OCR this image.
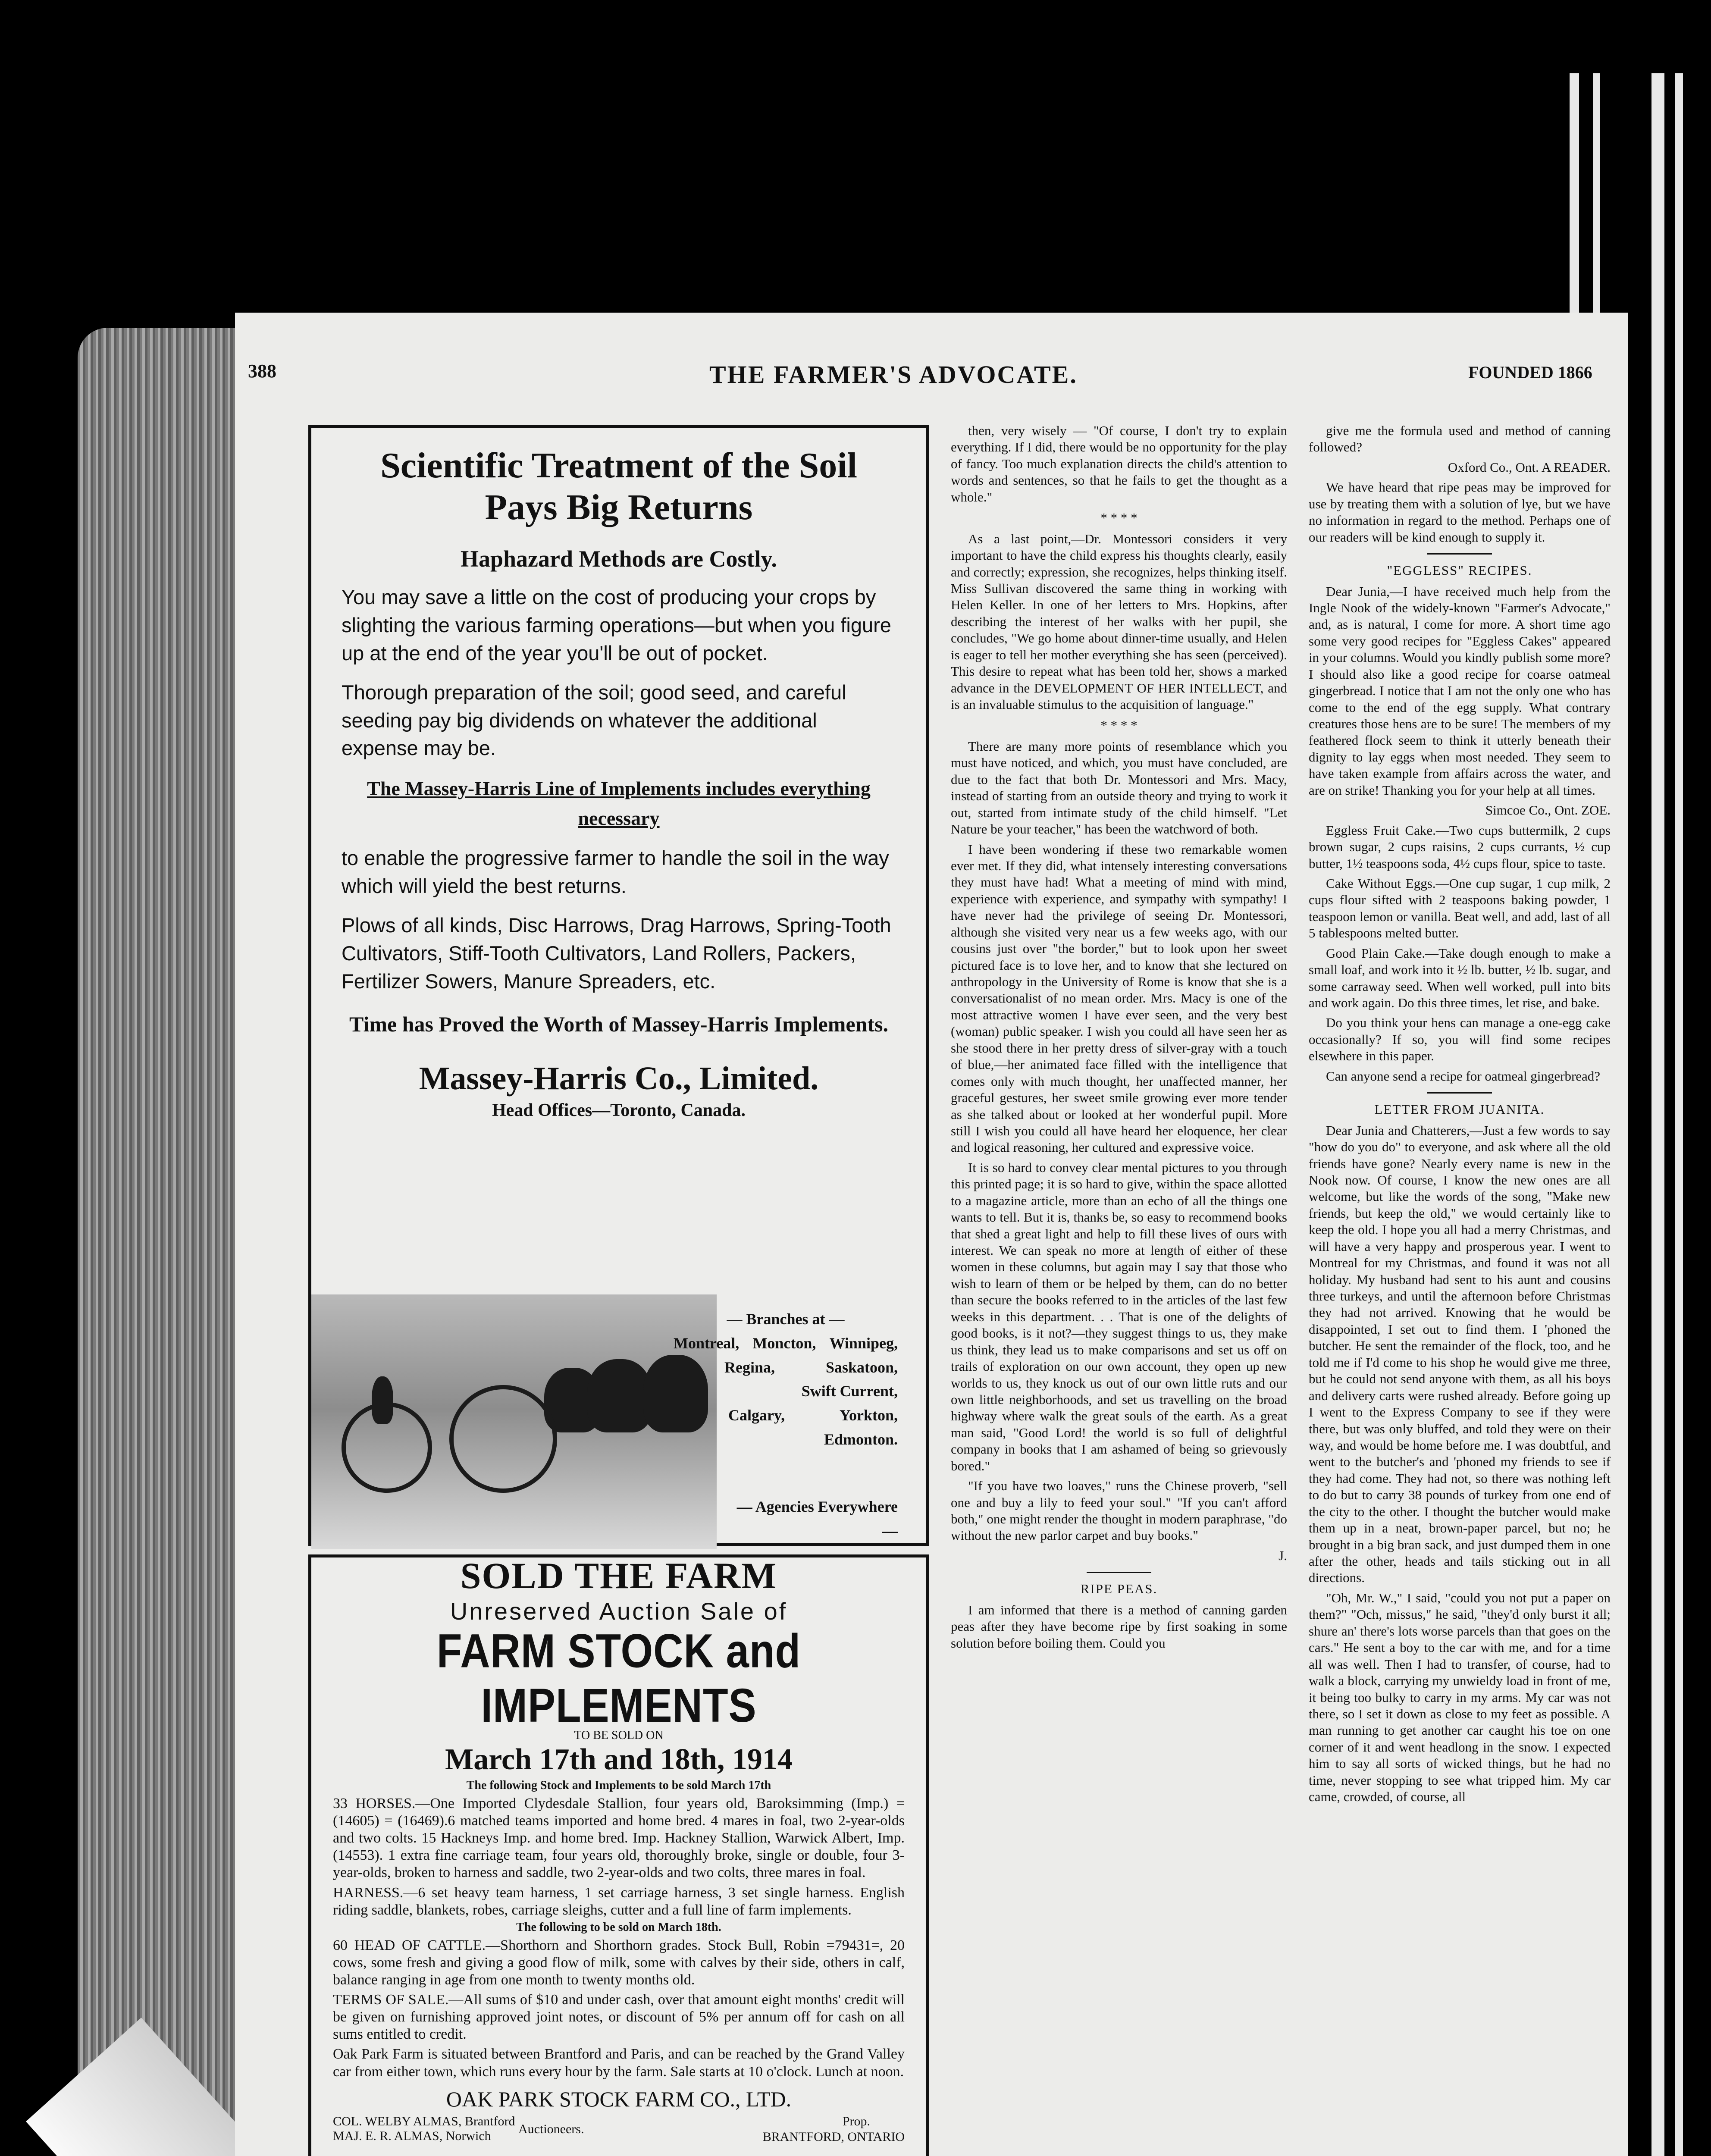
388	THE FARMER'S ADVOCATE.	FOUNDED 1866
Scientific Treatment of the Soil Pays Big Returns
Haphazard Methods are Costly.

You may save a little on the cost of producing your crops by slighting the various farming operations—but when you figure up at the end of the year you'll be out of pocket.

Thorough preparation of the soil; good seed, and careful seeding pay big dividends on whatever the additional expense may be.

The Massey-Harris Line of Implements includes everything necessary

to enable the progressive farmer to handle the soil in the way which will yield the best returns.

Plows of all kinds, Disc Harrows, Drag Harrows, Spring-Tooth Cultivators, Stiff-Tooth Cultivators, Land Rollers, Packers, Fertilizer Sowers, Manure Spreaders, etc.

Time has Proved the Worth of Massey-Harris Implements.
Massey-Harris Co., Limited.
Head Offices—Toronto, Canada.
— Branches at —
Montreal, Moncton, Winnipeg,
Regina,	Saskatoon,
Swift Current,
Calgary,	Yorkton,
Edmonton.
— Agencies Everywhere —
SOLD THE FARM
Unreserved Auction Sale of
FARM STOCK and IMPLEMENTS
TO BE SOLD ON
March 17th and 18th, 1914
The following Stock and Implements to be sold March 17th

33 HORSES.—One Imported Clydesdale Stallion, four years old, Baroksimming (Imp.) = (14605) = (16469).6 matched teams imported and home bred. 4 mares in foal, two 2-year-olds and two colts. 15 Hackneys Imp. and home bred. Imp. Hackney Stallion, Warwick Albert, Imp. (14553). 1 extra fine carriage team, four years old, thoroughly broke, single or double, four 3-year-olds, broken to harness and saddle, two 2-year-olds and two colts, three mares in foal.

HARNESS.—6 set heavy team harness, 1 set carriage harness, 3 set single harness. English riding saddle, blankets, robes, carriage sleighs, cutter and a full line of farm implements.

The following to be sold on March 18th.

60 HEAD OF CATTLE.—Shorthorn and Shorthorn grades. Stock Bull, Robin =79431=, 20 cows, some fresh and giving a good flow of milk, some with calves by their side, others in calf, balance ranging in age from one month to twenty months old.

TERMS OF SALE.—All sums of $10 and under cash, over that amount eight months' credit will be given on furnishing approved joint notes, or discount of 5% per annum off for cash on all sums entitled to credit.

Oak Park Farm is situated between Brantford and Paris, and can be reached by the Grand Valley car from either town, which runs every hour by the farm. Sale starts at 10 o'clock. Lunch at noon.

OAK PARK STOCK FARM CO., LTD.
COL. WELBY ALMAS, Brantford
MAJ. E. R. ALMAS, Norwich	Auctioneers.
Prop.
BRANTFORD, ONTARIO

then, very wisely — "Of course, I don't try to explain everything. If I did, there would be no opportunity for the play of fancy. Too much explanation directs the child's attention to words and sentences, so that he fails to get the thought as a whole."

* * * *

As a last point,—Dr. Montessori considers it very important to have the child express his thoughts clearly, easily and correctly; expression, she recognizes, helps thinking itself. Miss Sullivan discovered the same thing in working with Helen Keller. In one of her letters to Mrs. Hopkins, after describing the interest of her walks with her pupil, she concludes, "We go home about dinner-time usually, and Helen is eager to tell her mother everything she has seen (perceived). This desire to repeat what has been told her, shows a marked advance in the DEVELOPMENT OF HER INTELLECT, and is an invaluable stimulus to the acquisition of language."

* * * *

There are many more points of resemblance which you must have noticed, and which, you must have concluded, are due to the fact that both Dr. Montessori and Mrs. Macy, instead of starting from an outside theory and trying to work it out, started from intimate study of the child himself. "Let Nature be your teacher," has been the watchword of both.

I have been wondering if these two remarkable women ever met. If they did, what intensely interesting conversations they must have had! What a meeting of mind with mind, experience with experience, and sympathy with sympathy! I have never had the privilege of seeing Dr. Montessori, although she visited very near us a few weeks ago, with our cousins just over "the border," but to look upon her sweet pictured face is to love her, and to know that she lectured on anthropology in the University of Rome is know that she is a conversationalist of no mean order. Mrs. Macy is one of the most attractive women I have ever seen, and the very best (woman) public speaker. I wish you could all have seen her as she stood there in her pretty dress of silver-gray with a touch of blue,—her animated face filled with the intelligence that comes only with much thought, her unaffected manner, her graceful gestures, her sweet smile growing ever more tender as she talked about or looked at her wonderful pupil. More still I wish you could all have heard her eloquence, her clear and logical reasoning, her cultured and expressive voice.

It is so hard to convey clear mental pictures to you through this printed page; it is so hard to give, within the space allotted to a magazine article, more than an echo of all the things one wants to tell. But it is, thanks be, so easy to recommend books that shed a great light and help to fill these lives of ours with interest. We can speak no more at length of either of these women in these columns, but again may I say that those who wish to learn of them or be helped by them, can do no better than secure the books referred to in the articles of the last few weeks in this department. . . That is one of the delights of good books, is it not?—they suggest things to us, they make us think, they lead us to make comparisons and set us off on trails of exploration on our own account, they open up new worlds to us, they knock us out of our own little ruts and our own little neighborhoods, and set us travelling on the broad highway where walk the great souls of the earth. As a great man said, "Good Lord! the world is so full of delightful company in books that I am ashamed of being so grievously bored."

"If you have two loaves," runs the Chinese proverb, "sell one and buy a lily to feed your soul." "If you can't afford both," one might render the thought in modern paraphrase, "do without the new parlor carpet and buy books."

J.

RIPE PEAS.

I am informed that there is a method of canning garden peas after they have become ripe by first soaking in some solution before boiling them. Could you

give me the formula used and method of canning followed?

Oxford Co., Ont. A READER.

We have heard that ripe peas may be improved for use by treating them with a solution of lye, but we have no information in regard to the method. Perhaps one of our readers will be kind enough to supply it.

"EGGLESS" RECIPES.

Dear Junia,—I have received much help from the Ingle Nook of the widely-known "Farmer's Advocate," and, as is natural, I come for more. A short time ago some very good recipes for "Eggless Cakes" appeared in your columns. Would you kindly publish some more? I should also like a good recipe for coarse oatmeal gingerbread. I notice that I am not the only one who has come to the end of the egg supply. What contrary creatures those hens are to be sure! The members of my feathered flock seem to think it utterly beneath their dignity to lay eggs when most needed. They seem to have taken example from affairs across the water, and are on strike! Thanking you for your help at all times.

Simcoe Co., Ont. ZOE.

Eggless Fruit Cake.—Two cups buttermilk, 2 cups brown sugar, 2 cups raisins, 2 cups currants, ½ cup butter, 1½ teaspoons soda, 4½ cups flour, spice to taste.

Cake Without Eggs.—One cup sugar, 1 cup milk, 2 cups flour sifted with 2 teaspoons baking powder, 1 teaspoon lemon or vanilla. Beat well, and add, last of all 5 tablespoons melted butter.

Good Plain Cake.—Take dough enough to make a small loaf, and work into it ½ lb. butter, ½ lb. sugar, and some carraway seed. When well worked, pull into bits and work again. Do this three times, let rise, and bake.

Do you think your hens can manage a one-egg cake occasionally? If so, you will find some recipes elsewhere in this paper.

Can anyone send a recipe for oatmeal gingerbread?

LETTER FROM JUANITA.

Dear Junia and Chatterers,—Just a few words to say "how do you do" to everyone, and ask where all the old friends have gone? Nearly every name is new in the Nook now. Of course, I know the new ones are all welcome, but like the words of the song, "Make new friends, but keep the old," we would certainly like to keep the old. I hope you all had a merry Christmas, and will have a very happy and prosperous year. I went to Montreal for my Christmas, and found it was not all holiday. My husband had sent to his aunt and cousins three turkeys, and until the afternoon before Christmas they had not arrived. Knowing that he would be disappointed, I set out to find them. I 'phoned the butcher. He sent the remainder of the flock, too, and he told me if I'd come to his shop he would give me three, but he could not send anyone with them, as all his boys and delivery carts were rushed already. Before going up I went to the Express Company to see if they were there, but was only bluffed, and told they were on their way, and would be home before me. I was doubtful, and went to the butcher's and 'phoned my friends to see if they had come. They had not, so there was nothing left to do but to carry 38 pounds of turkey from one end of the city to the other. I thought the butcher would make them up in a neat, brown-paper parcel, but no; he brought in a big bran sack, and just dumped them in one after the other, heads and tails sticking out in all directions.

"Oh, Mr. W.," I said, "could you not put a paper on them?" "Och, missus," he said, "they'd only burst it all; shure an' there's lots worse parcels than that goes on the cars." He sent a boy to the car with me, and for a time all was well. Then I had to transfer, of course, had to walk a block, carrying my unwieldy load in front of me, it being too bulky to carry in my arms. My car was not there, so I set it down as close to my feet as possible. A man running to get another car caught his toe on one corner of it and went headlong in the snow. I expected him to say all sorts of wicked things, but he had no time, never stopping to see what tripped him. My car came, crowded, of course, all
